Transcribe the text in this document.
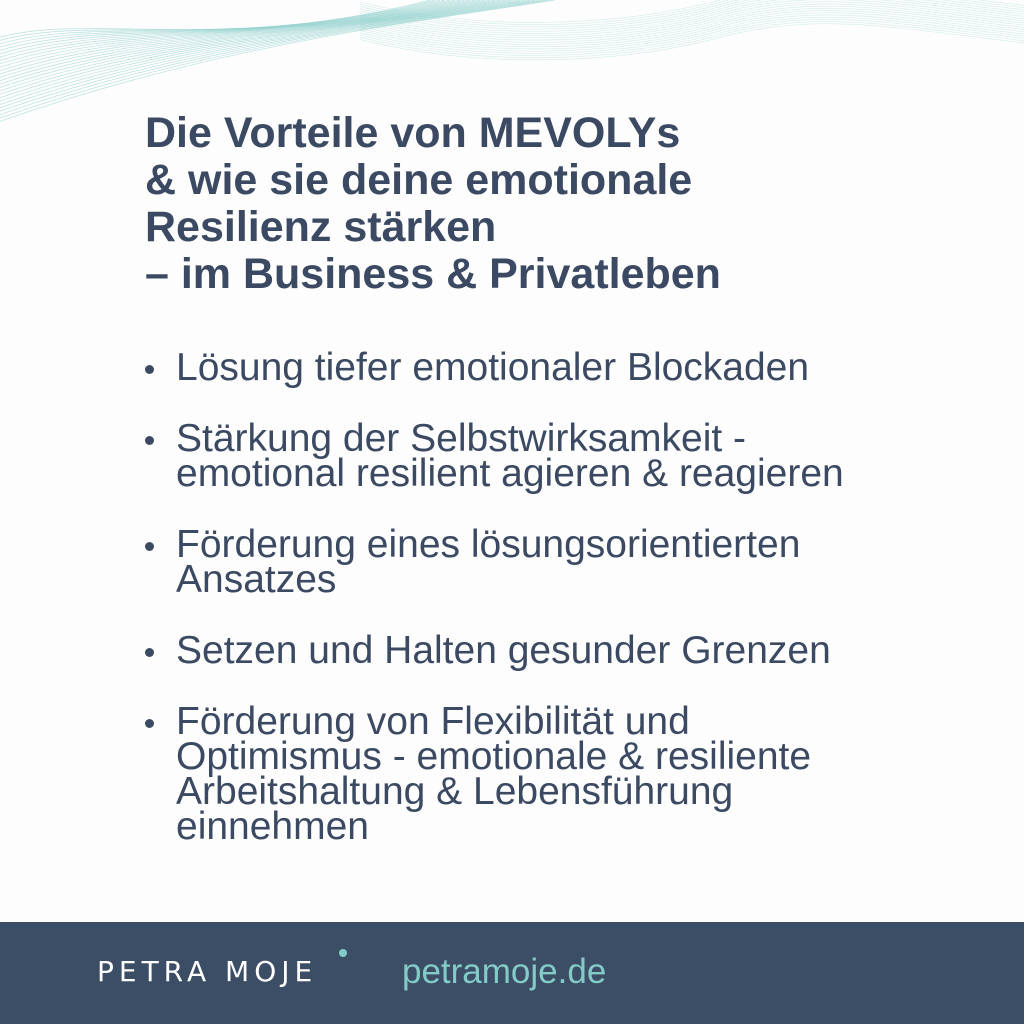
Die Vorteile von MEVOLYs
& wie sie deine emotionale
Resilienz stärken
– im Business & Privatleben
Lösung tiefer emotionaler Blockaden
Stärkung der Selbstwirksamkeit -
emotional resilient agieren & reagieren
Förderung eines lösungsorientierten
Ansatzes
Setzen und Halten gesunder Grenzen
Förderung von Flexibilität und
Optimismus - emotionale & resiliente
Arbeitshaltung & Lebensführung
einnehmen
PETRA MOJE petramoje.de
